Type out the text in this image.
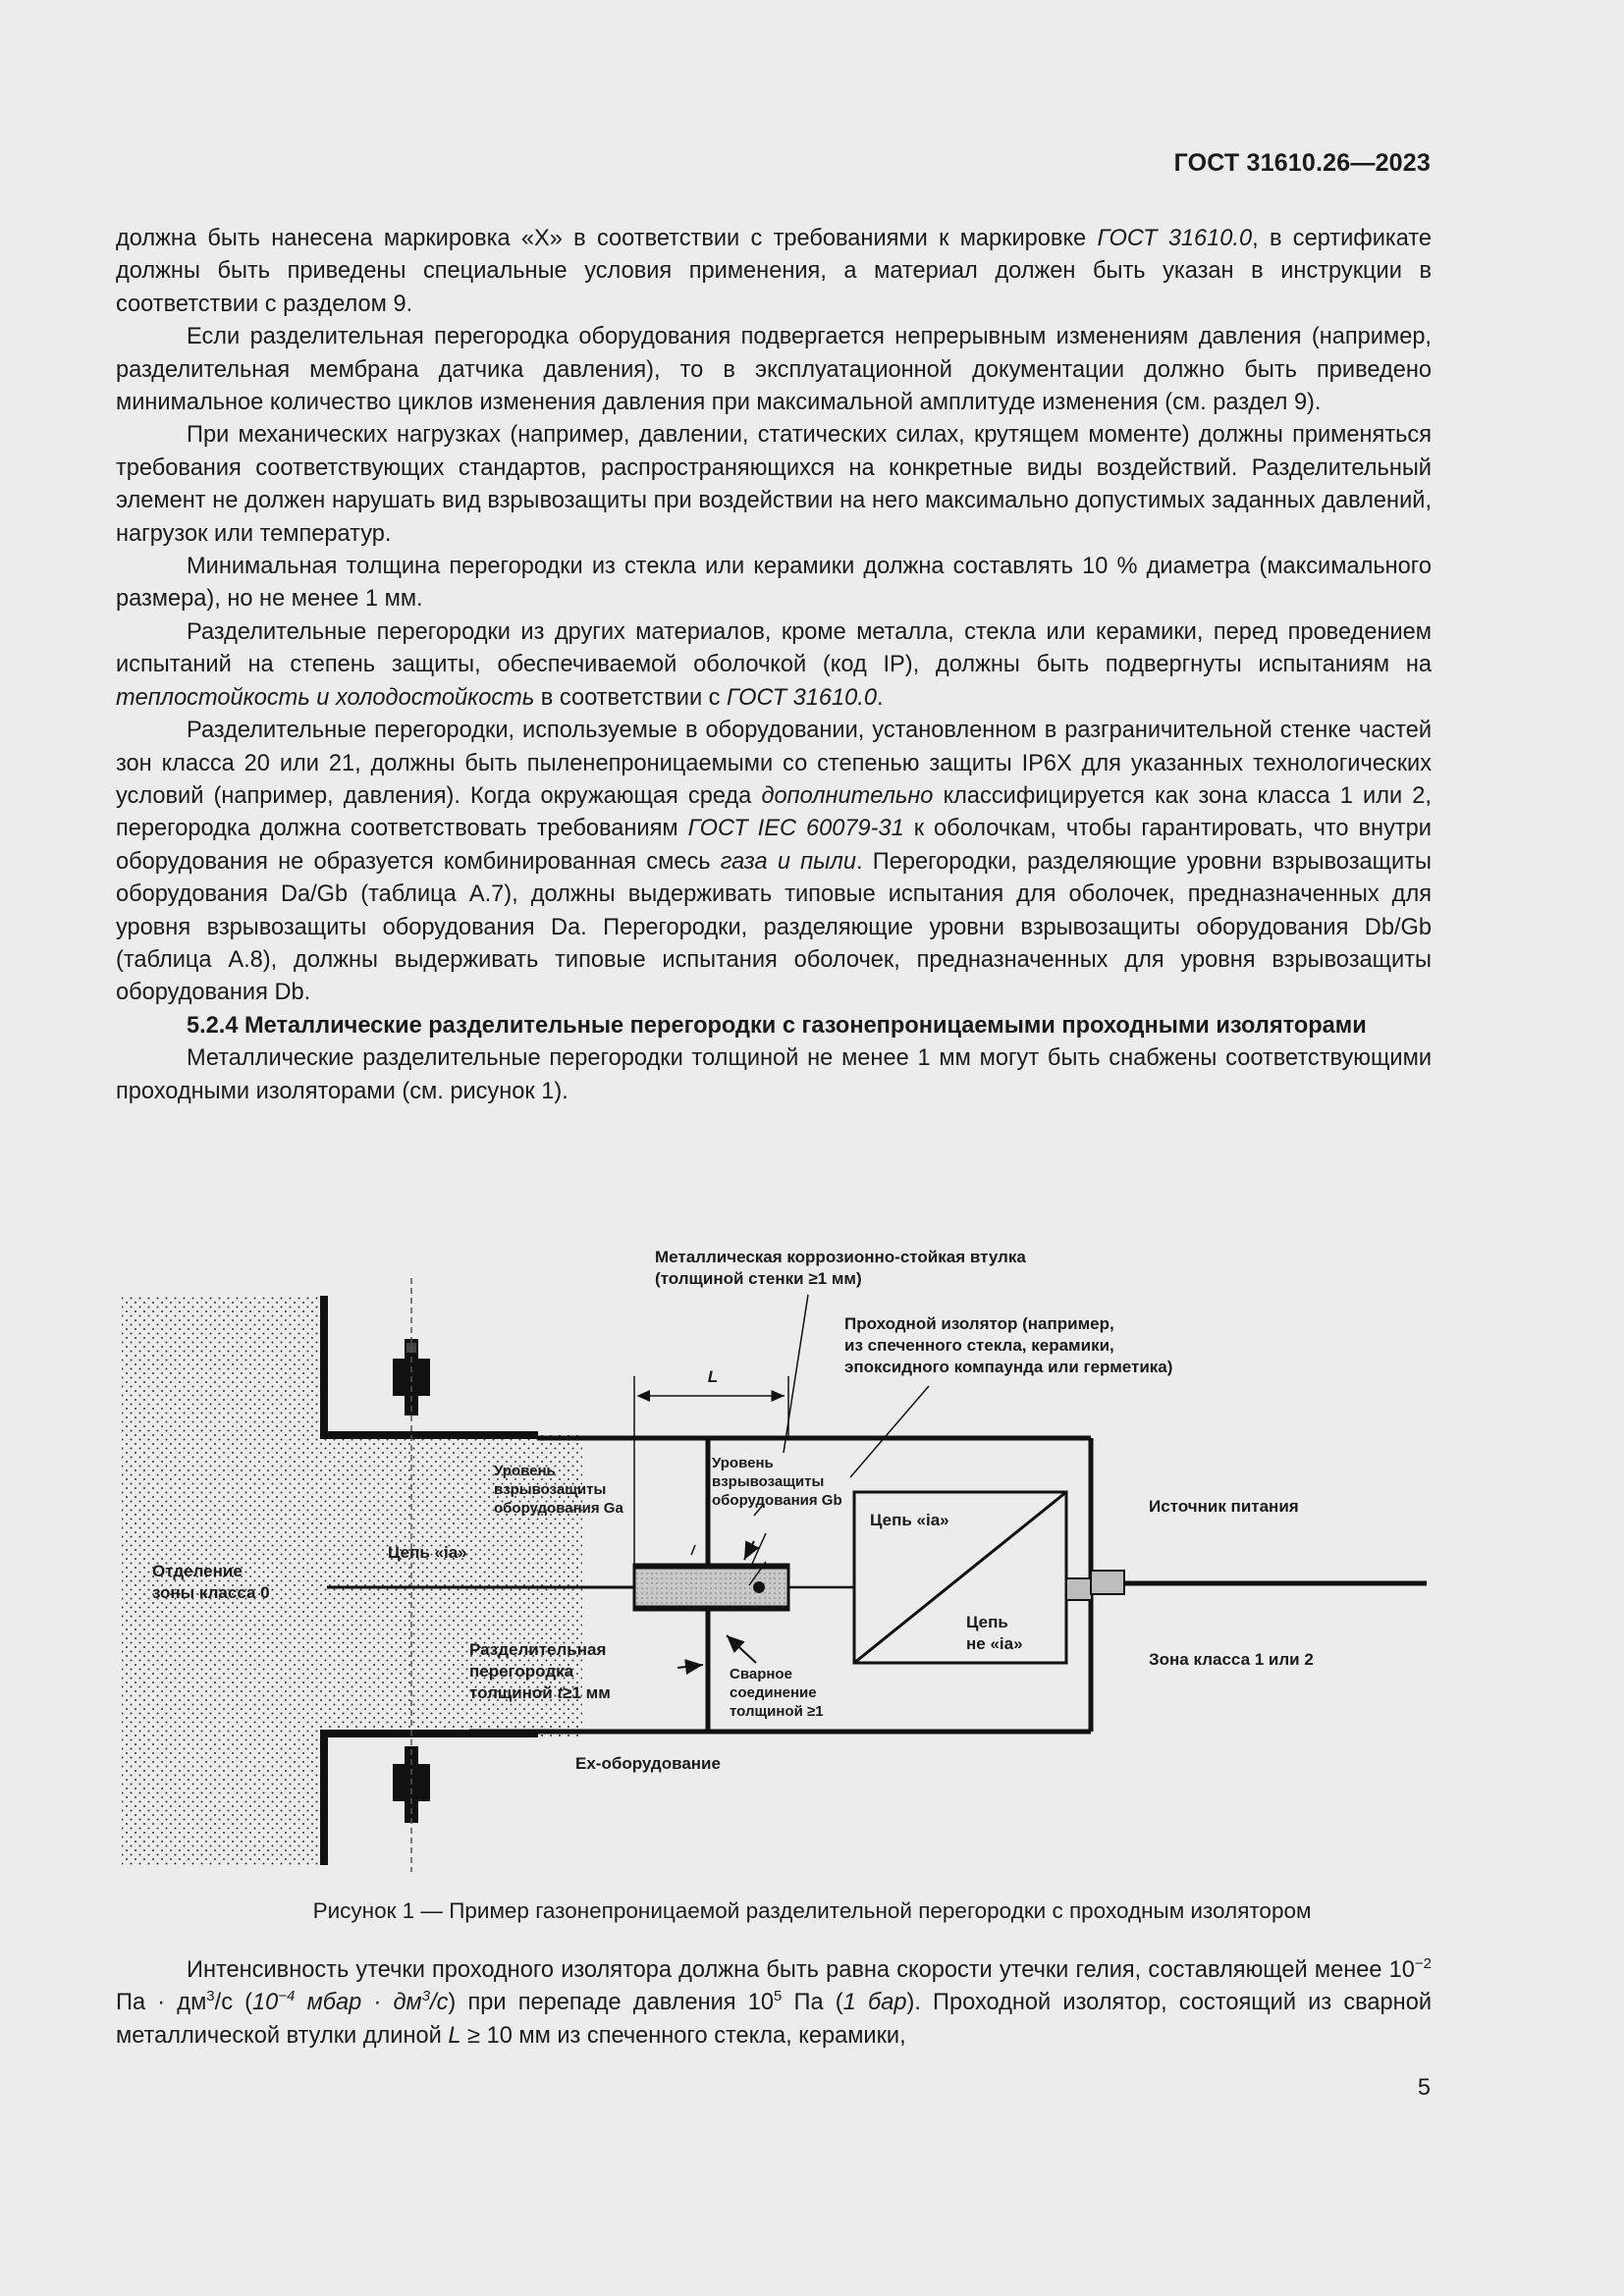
ГОСТ 31610.26—2023

должна быть нанесена маркировка «Х» в соответствии с требованиями к маркировке ГОСТ 31610.0, в сертификате должны быть приведены специальные условия применения, а материал должен быть указан в инструкции в соответствии с разделом 9.

Если разделительная перегородка оборудования подвергается непрерывным изменениям давления (например, разделительная мембрана датчика давления), то в эксплуатационной документации должно быть приведено минимальное количество циклов изменения давления при максимальной амплитуде изменения (см. раздел 9).

При механических нагрузках (например, давлении, статических силах, крутящем моменте) должны применяться требования соответствующих стандартов, распространяющихся на конкретные виды воздействий. Разделительный элемент не должен нарушать вид взрывозащиты при воздействии на него максимально допустимых заданных давлений, нагрузок или температур.

Минимальная толщина перегородки из стекла или керамики должна составлять 10 % диаметра (максимального размера), но не менее 1 мм.

Разделительные перегородки из других материалов, кроме металла, стекла или керамики, перед проведением испытаний на степень защиты, обеспечиваемой оболочкой (код IP), должны быть подвергнуты испытаниям на теплостойкость и холодостойкость в соответствии с ГОСТ 31610.0.

Разделительные перегородки, используемые в оборудовании, установленном в разграничительной стенке частей зон класса 20 или 21, должны быть пыленепроницаемыми со степенью защиты IP6X для указанных технологических условий (например, давления). Когда окружающая среда дополнительно классифицируется как зона класса 1 или 2, перегородка должна соответствовать требованиям ГОСТ IEC 60079-31 к оболочкам, чтобы гарантировать, что внутри оборудования не образуется комбинированная смесь газа и пыли. Перегородки, разделяющие уровни взрывозащиты оборудования Da/Gb (таблица А.7), должны выдерживать типовые испытания для оболочек, предназначенных для уровня взрывозащиты оборудования Da. Перегородки, разделяющие уровни взрывозащиты оборудования Db/Gb (таблица А.8), должны выдерживать типовые испытания оболочек, предназначенных для уровня взрывозащиты оборудования Db.

5.2.4 Металлические разделительные перегородки с газонепроницаемыми проходными изоляторами

Металлические разделительные перегородки толщиной не менее 1 мм могут быть снабжены соответствующими проходными изоляторами (см. рисунок 1).

L
Металлическая коррозионно-стойкая втулка
(толщиной стенки ≥1 мм)
Проходной изолятор (например,
из спеченного стекла, керамики,
эпоксидного компаунда или герметика)
Уровень
взрывозащиты
оборудования Ga
Уровень
взрывозащиты
оборудования Gb
Цепь «ia»
Цепь «ia»
Цепь
не «ia»
Источник питания
Отделение
зоны класса 0
Разделительная
перегородка
толщиной t≥1 мм
Сварное
соединение
толщиной ≥1
Зона класса 1 или 2
Ex-оборудование
Рисунок 1 — Пример газонепроницаемой разделительной перегородки с проходным изолятором

Интенсивность утечки проходного изолятора должна быть равна скорости утечки гелия, составляющей менее $10^{-2}$ Па · $дм^3/с$ ($10^{-4}$ мбар · $дм^3/с$) при перепаде давления $10^5$ Па (1 бар). Проходной изолятор, состоящий из сварной металлической втулки длиной L ≥ 10 мм из спеченного стекла, керамики,

5
